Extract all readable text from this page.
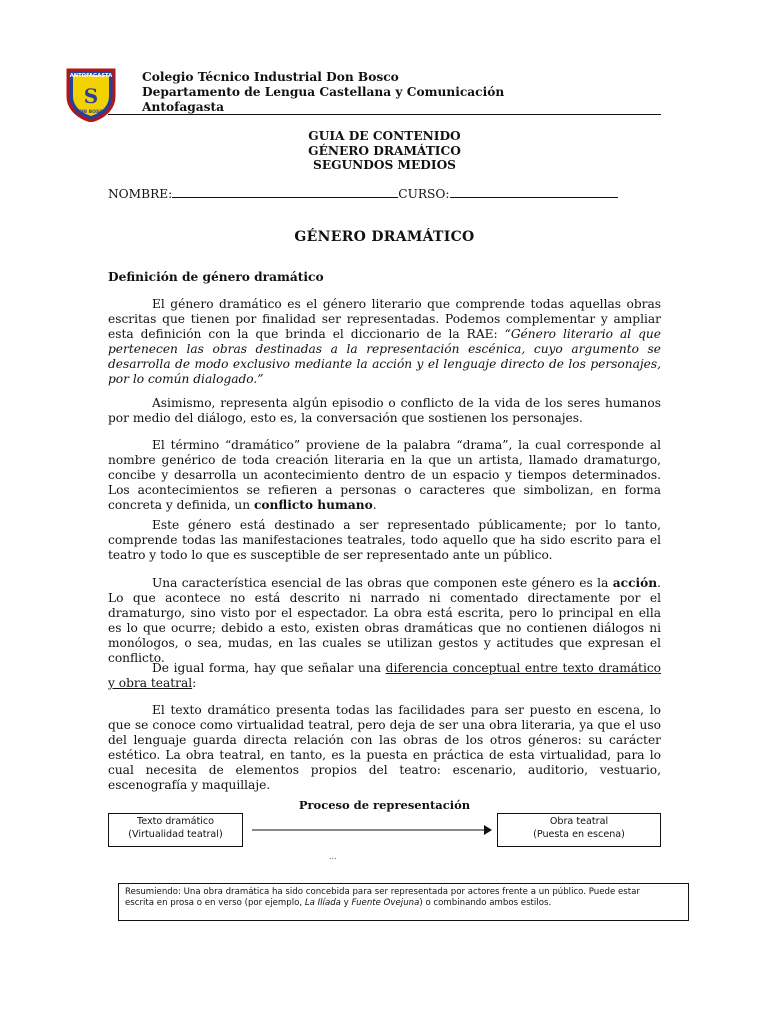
ANTOFAGASTA
S
DON BOSCO
Colegio Técnico Industrial Don Bosco
Departamento de Lengua Castellana y Comunicación
Antofagasta
GUIA DE CONTENIDO
GÉNERO DRAMÁTICO
SEGUNDOS MEDIOS
NOMBRE:	CURSO:
GÉNERO DRAMÁTICO
Definición de género dramático
El género dramático es el género literario que comprende todas aquellas obras escritas que tienen por finalidad ser representadas. Podemos complementar y ampliar esta definición con la que brinda el diccionario de la RAE: “Género literario al que pertenecen las obras destinadas a la representación escénica, cuyo argumento se desarrolla de modo exclusivo mediante la acción y el lenguaje directo de los personajes, por lo común dialogado.”
Asimismo, representa algún episodio o conflicto de la vida de los seres humanos por medio del diálogo, esto es, la conversación que sostienen los personajes.
El término “dramático” proviene de la palabra “drama”, la cual corresponde al nombre genérico de toda creación literaria en la que un artista, llamado dramaturgo, concibe y desarrolla un acontecimiento dentro de un espacio y tiempos determinados. Los acontecimientos se refieren a personas o caracteres que simbolizan, en forma concreta y definida, un conflicto humano.
Este género está destinado a ser representado públicamente; por lo tanto, comprende todas las manifestaciones teatrales, todo aquello que ha sido escrito para el teatro y todo lo que es susceptible de ser representado ante un público.
Una característica esencial de las obras que componen este género es la acción. Lo que acontece no está descrito ni narrado ni comentado directamente por el dramaturgo, sino visto por el espectador. La obra está escrita, pero lo principal en ella es lo que ocurre; debido a esto, existen obras dramáticas que no contienen diálogos ni monólogos, o sea, mudas, en las cuales se utilizan gestos y actitudes que expresan el conflicto.
De igual forma, hay que señalar una diferencia conceptual entre texto dramático y obra teatral:
El texto dramático presenta todas las facilidades para ser puesto en escena, lo que se conoce como virtualidad teatral, pero deja de ser una obra literaria, ya que el uso del lenguaje guarda directa relación con las obras de los otros géneros: su carácter estético. La obra teatral, en tanto, es la puesta en práctica de esta virtualidad, para lo cual necesita de elementos propios del teatro: escenario, auditorio, vestuario, escenografía y maquillaje.
Proceso de representación
Texto dramático
(Virtualidad teatral)
Obra teatral
(Puesta en escena)
...
Resumiendo: Una obra dramática ha sido concebida para ser representada por actores frente a un público. Puede estar
escrita en prosa o en verso (por ejemplo, La Ilíada y Fuente Ovejuna) o combinando ambos estilos.
